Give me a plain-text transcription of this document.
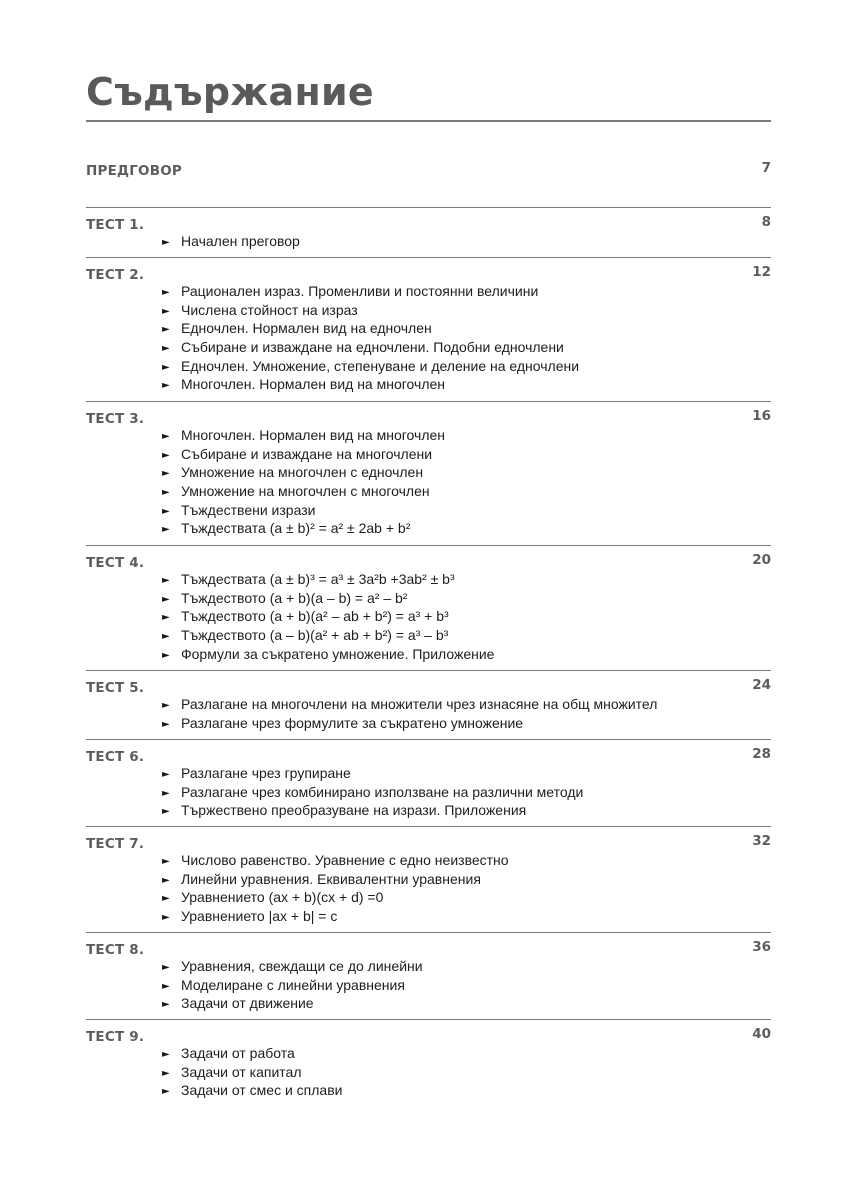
Съдържание
ПРЕДГОВОР	7
ТЕСТ 1.	8
► Начален преговор
ТЕСТ 2.	12
► Рационален израз. Променливи и постоянни величини
► Числена стойност на израз
► Едночлен. Нормален вид на едночлен
► Събиране и изваждане на едночлени. Подобни едночлени
► Едночлен. Умножение, степенуване и деление на едночлени
► Многочлен. Нормален вид на многочлен
ТЕСТ 3.	16
► Многочлен. Нормален вид на многочлен
► Събиране и изваждане на многочлени
► Умножение на многочлен с едночлен
► Умножение на многочлен с многочлен
► Тъждествени изрази
► Тъждествата (a ± b)² = a² ± 2ab + b²
ТЕСТ 4.	20
► Тъждествата (a ± b)³ = a³ ± 3a²b +3ab² ± b³
► Тъждеството (a + b)(a – b) = a² – b²
► Тъждеството (a + b)(a² – ab + b²) = a³ + b³
► Тъждеството (a – b)(a² + ab + b²) = a³ – b³
► Формули за съкратено умножение. Приложение
ТЕСТ 5.	24
► Разлагане на многочлени на множители чрез изнасяне на общ множител
► Разлагане чрез формулите за съкратено умножение
ТЕСТ 6.	28
► Разлагане чрез групиране
► Разлагане чрез комбинирано използване на различни методи
► Тържествено преобразуване на изрази. Приложения
ТЕСТ 7.	32
► Числово равенство. Уравнение с едно неизвестно
► Линейни уравнения. Еквивалентни уравнения
► Уравнението (ax + b)(cx + d) =0
► Уравнението |ax + b| = c
ТЕСТ 8.	36
► Уравнения, свеждащи се до линейни
► Моделиране с линейни уравнения
► Задачи от движение
ТЕСТ 9.	40
► Задачи от работа
► Задачи от капитал
► Задачи от смес и сплави
